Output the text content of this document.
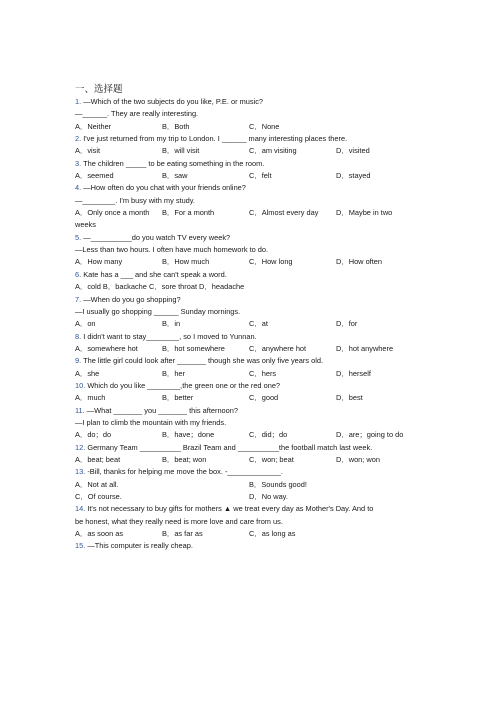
一、选择题
1. —Which of the two subjects do you like, P.E. or music?
—______. They are really interesting.
A．Neither	B．Both	C．None
2. I've just returned from my trip to London. I ______ many interesting places there.
A．visit	B．will visit	C．am visiting	D．visited
3. The children _____ to be eating something in the room.
A．seemed	B．saw	C．felt	D．stayed
4. —How often do you chat with your friends online?
—________. I'm busy with my study.
A．Only once a month	B．For a month	C．Almost every day	D．Maybe in two
weeks
5. —__________do you watch TV every week?
—Less than two hours. I often have much homework to do.
A．How many	B．How much	C．How long	D．How often
6. Kate has a ___ and she can't speak a word.
A．cold B．backache C．sore throat D．headache
7. —When do you go shopping?
—I usually go shopping ______ Sunday mornings.
A．on	B．in	C．at	D．for
8. I didn't want to stay________, so I moved to Yunnan.
A．somewhere hot	B．hot somewhere	C．anywhere hot	D．hot anywhere
9. The little girl could look after _______ though she was only five years old.
A．she	B．her	C．hers	D．herself
10. Which do you like ________,the green one or the red one?
A．much	B．better	C．good	D．best
11. —What _______ you _______ this afternoon?
—I plan to climb the mountain with my friends.
A．do；do	B．have；done	C．did；do	D．are；going to do
12. Germany Team __________ Brazil Team and __________the football match last week.
A．beat; beat	B．beat; won	C．won; beat	D．won; won
13. -Bill, thanks for helping me move the box. -_____________.
A．Not at all.	B．Sounds good!
C．Of course.	D．No way.
14. It's not necessary to buy gifts for mothers ▲ we treat every day as Mother's Day. And to
be honest, what they really need is more love and care from us.
A．as soon as	B．as far as	C．as long as
15. —This computer is really cheap.
